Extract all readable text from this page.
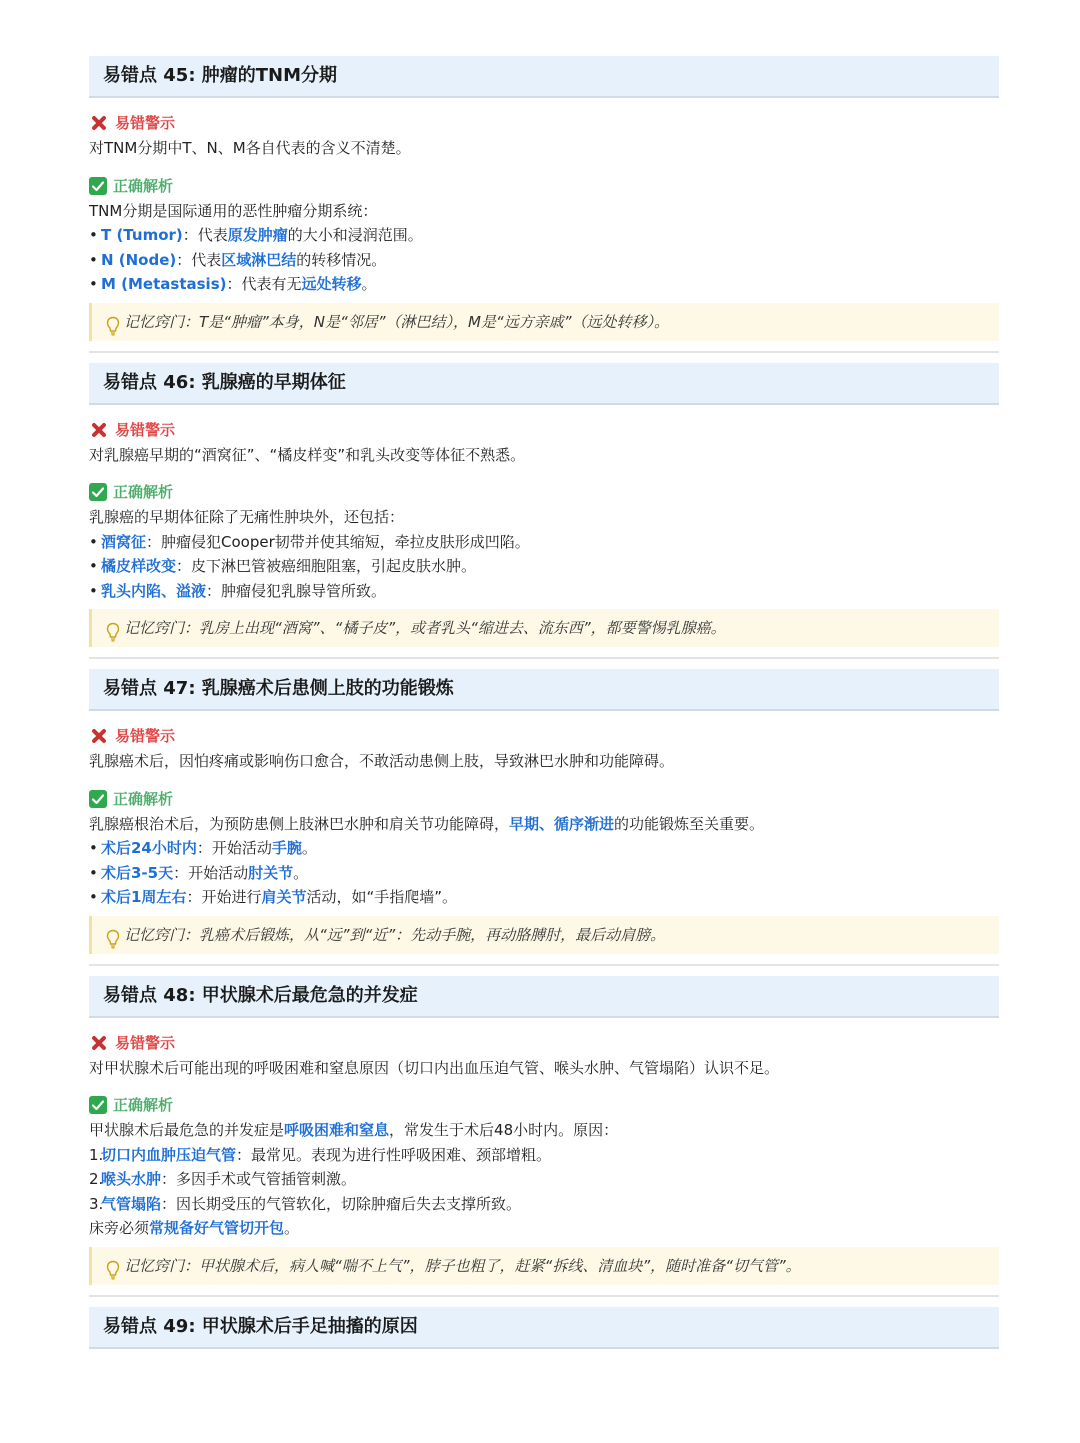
易错点 45: 肿瘤的TNM分期
易错警示
对TNM分期中T、N、M各自代表的含义不清楚。
正确解析
TNM分期是国际通用的恶性肿瘤分期系统：
• T (Tumor)：代表原发肿瘤的大小和浸润范围。
• N (Node)：代表区域淋巴结的转移情况。
• M (Metastasis)：代表有无远处转移。
记忆窍门： T是“肿瘤”本身，N是“邻居”（淋巴结），M是“远方亲戚”（远处转移）。
易错点 46: 乳腺癌的早期体征
易错警示
对乳腺癌早期的“酒窝征”、“橘皮样变”和乳头改变等体征不熟悉。
正确解析
乳腺癌的早期体征除了无痛性肿块外，还包括：
• 酒窝征：肿瘤侵犯Cooper韧带并使其缩短，牵拉皮肤形成凹陷。
• 橘皮样改变：皮下淋巴管被癌细胞阻塞，引起皮肤水肿。
• 乳头内陷、溢液：肿瘤侵犯乳腺导管所致。
记忆窍门： 乳房上出现“酒窝”、“橘子皮”，或者乳头“缩进去、流东西”，都要警惕乳腺癌。
易错点 47: 乳腺癌术后患侧上肢的功能锻炼
易错警示
乳腺癌术后，因怕疼痛或影响伤口愈合，不敢活动患侧上肢，导致淋巴水肿和功能障碍。
正确解析
乳腺癌根治术后，为预防患侧上肢淋巴水肿和肩关节功能障碍，早期、循序渐进的功能锻炼至关重要。
• 术后24小时内：开始活动手腕。
• 术后3-5天：开始活动肘关节。
• 术后1周左右：开始进行肩关节活动，如“手指爬墙”。
记忆窍门： 乳癌术后锻炼，从“远”到“近”：先动手腕，再动胳膊肘，最后动肩膀。
易错点 48: 甲状腺术后最危急的并发症
易错警示
对甲状腺术后可能出现的呼吸困难和窒息原因（切口内出血压迫气管、喉头水肿、气管塌陷）认识不足。
正确解析
甲状腺术后最危急的并发症是呼吸困难和窒息，常发生于术后48小时内。原因：
1.切口内血肿压迫气管：最常见。表现为进行性呼吸困难、颈部增粗。
2.喉头水肿：多因手术或气管插管刺激。
3.气管塌陷：因长期受压的气管软化，切除肿瘤后失去支撑所致。
床旁必须常规备好气管切开包。
记忆窍门： 甲状腺术后，病人喊“喘不上气”，脖子也粗了，赶紧“拆线、清血块”，随时准备“切气管”。
易错点 49: 甲状腺术后手足抽搐的原因
